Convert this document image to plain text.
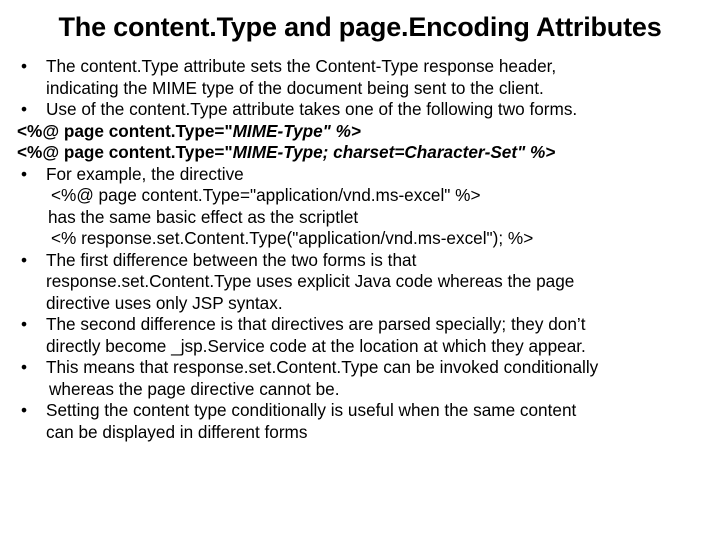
The content.Type and page.Encoding Attributes
• The content.Type attribute sets the Content-Type response header,
indicating the MIME type of the document being sent to the client.
• Use of the content.Type attribute takes one of the following two forms.
<%@ page content.Type="MIME-Type" %>
<%@ page content.Type="MIME-Type; charset=Character-Set" %>
• For example, the directive
<%@ page content.Type="application/vnd.ms-excel" %>
has the same basic effect as the scriptlet
<% response.set.Content.Type("application/vnd.ms-excel"); %>
• The first difference between the two forms is that
response.set.Content.Type uses explicit Java code whereas the page
directive uses only JSP syntax.
• The second difference is that directives are parsed specially; they don’t
directly become _jsp.Service code at the location at which they appear.
• This means that response.set.Content.Type can be invoked conditionally
whereas the page directive cannot be.
• Setting the content type conditionally is useful when the same content
can be displayed in different forms
